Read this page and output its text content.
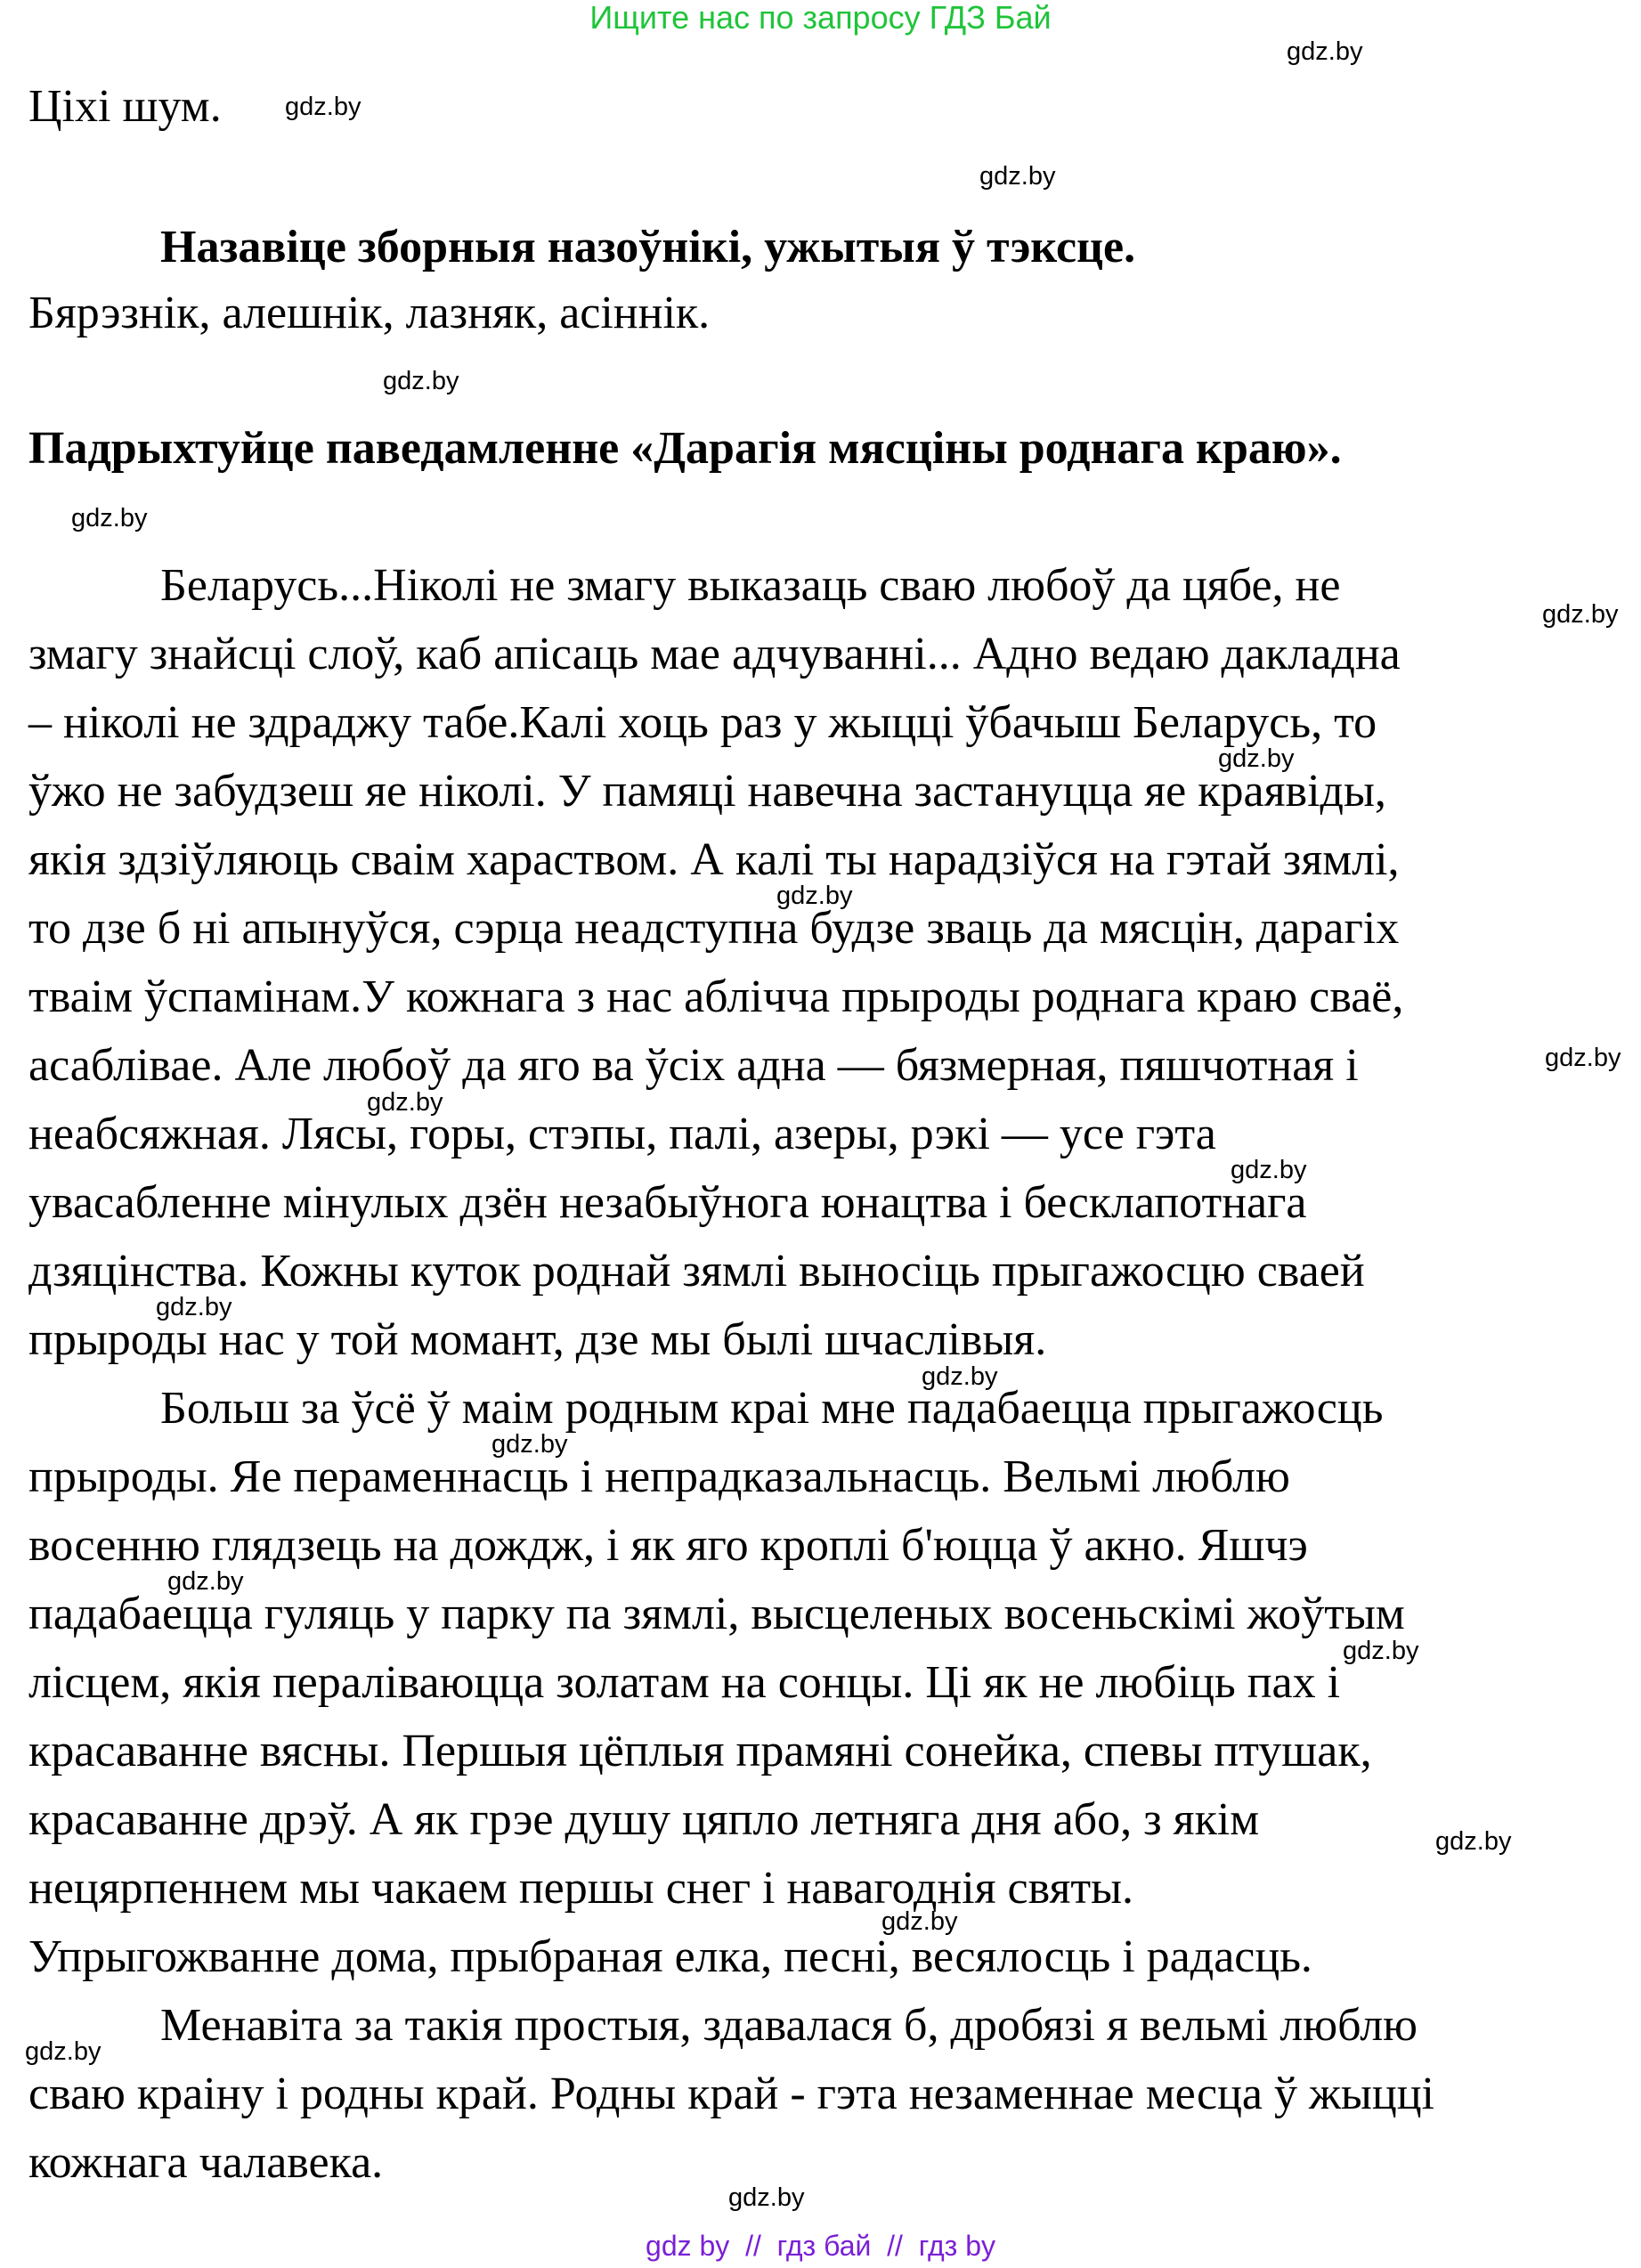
Ищите нас по запросу ГДЗ Бай
Ціхі шум.
Назавіце зборныя назоўнікі, ужытыя ў тэксце.
Бярэзнік, алешнік, лазняк, асіннік.
Падрыхтуйце паведамленне «Дарагія мясціны роднага краю».
Беларусь...Ніколі не змагу выказаць сваю любоў да цябе, не
змагу знайсці слоў, каб апісаць мае адчуванні... Адно ведаю дакладна
– ніколі не здраджу табе.Калі хоць раз у жыцці ўбачыш Беларусь, то
ўжо не забудзеш яе ніколі. У памяці навечна застануцца яе краявіды,
якія здзіўляюць сваім хараством. А калі ты нарадзіўся на гэтай зямлі,
то дзе б ні апынуўся, сэрца неадступна будзе зваць да мясцін, дарагіх
тваім ўспамінам.У кожнага з нас аблічча прыроды роднага краю сваё,
асаблівае. Але любоў да яго ва ўсіх адна — бязмерная, пяшчотная і
неабсяжная. Лясы, горы, стэпы, палі, азеры, рэкі — усе гэта
увасабленне мінулых дзён незабыўнога юнацтва і бесклапотнага
дзяцінства. Кожны куток роднай зямлі выносіць прыгажосцю сваей
прыроды нас у той момант, дзе мы былі шчаслівыя.
Больш за ўсё ў маім родным краі мне падабаецца прыгажосць
прыроды. Яе пераменнасць і непрадказальнасць. Вельмі люблю
восенню глядзець на дождж, і як яго кроплі б'юцца ў акно. Яшчэ
падабаецца гуляць у парку па зямлі, высцеленых восеньскімі жоўтым
лісцем, якія пераліваюцца золатам на сонцы. Ці як не любіць пах і
красаванне вясны. Першыя цёплыя прамяні сонейка, спевы птушак,
красаванне дрэў. А як грэе душу цяпло летняга дня або, з якім
нецярпеннем мы чакаем першы снег і навагоднія святы.
Упрыгожванне дома, прыбраная елка, песні, весялосць і радасць.
Менавіта за такія простыя, здавалася б, дробязі я вельмі люблю
сваю краіну і родны край. Родны край - гэта незаменнае месца ў жыцці
кожнага чалавека.
gdz.by
gdz.by
gdz.by
gdz.by
gdz.by
gdz.by
gdz.by
gdz.by
gdz.by
gdz.by
gdz.by
gdz.by
gdz.by
gdz.by
gdz.by
gdz.by
gdz.by
gdz.by
gdz.by
gdz.by
gdz by  //  гдз бай  //  гдз by
